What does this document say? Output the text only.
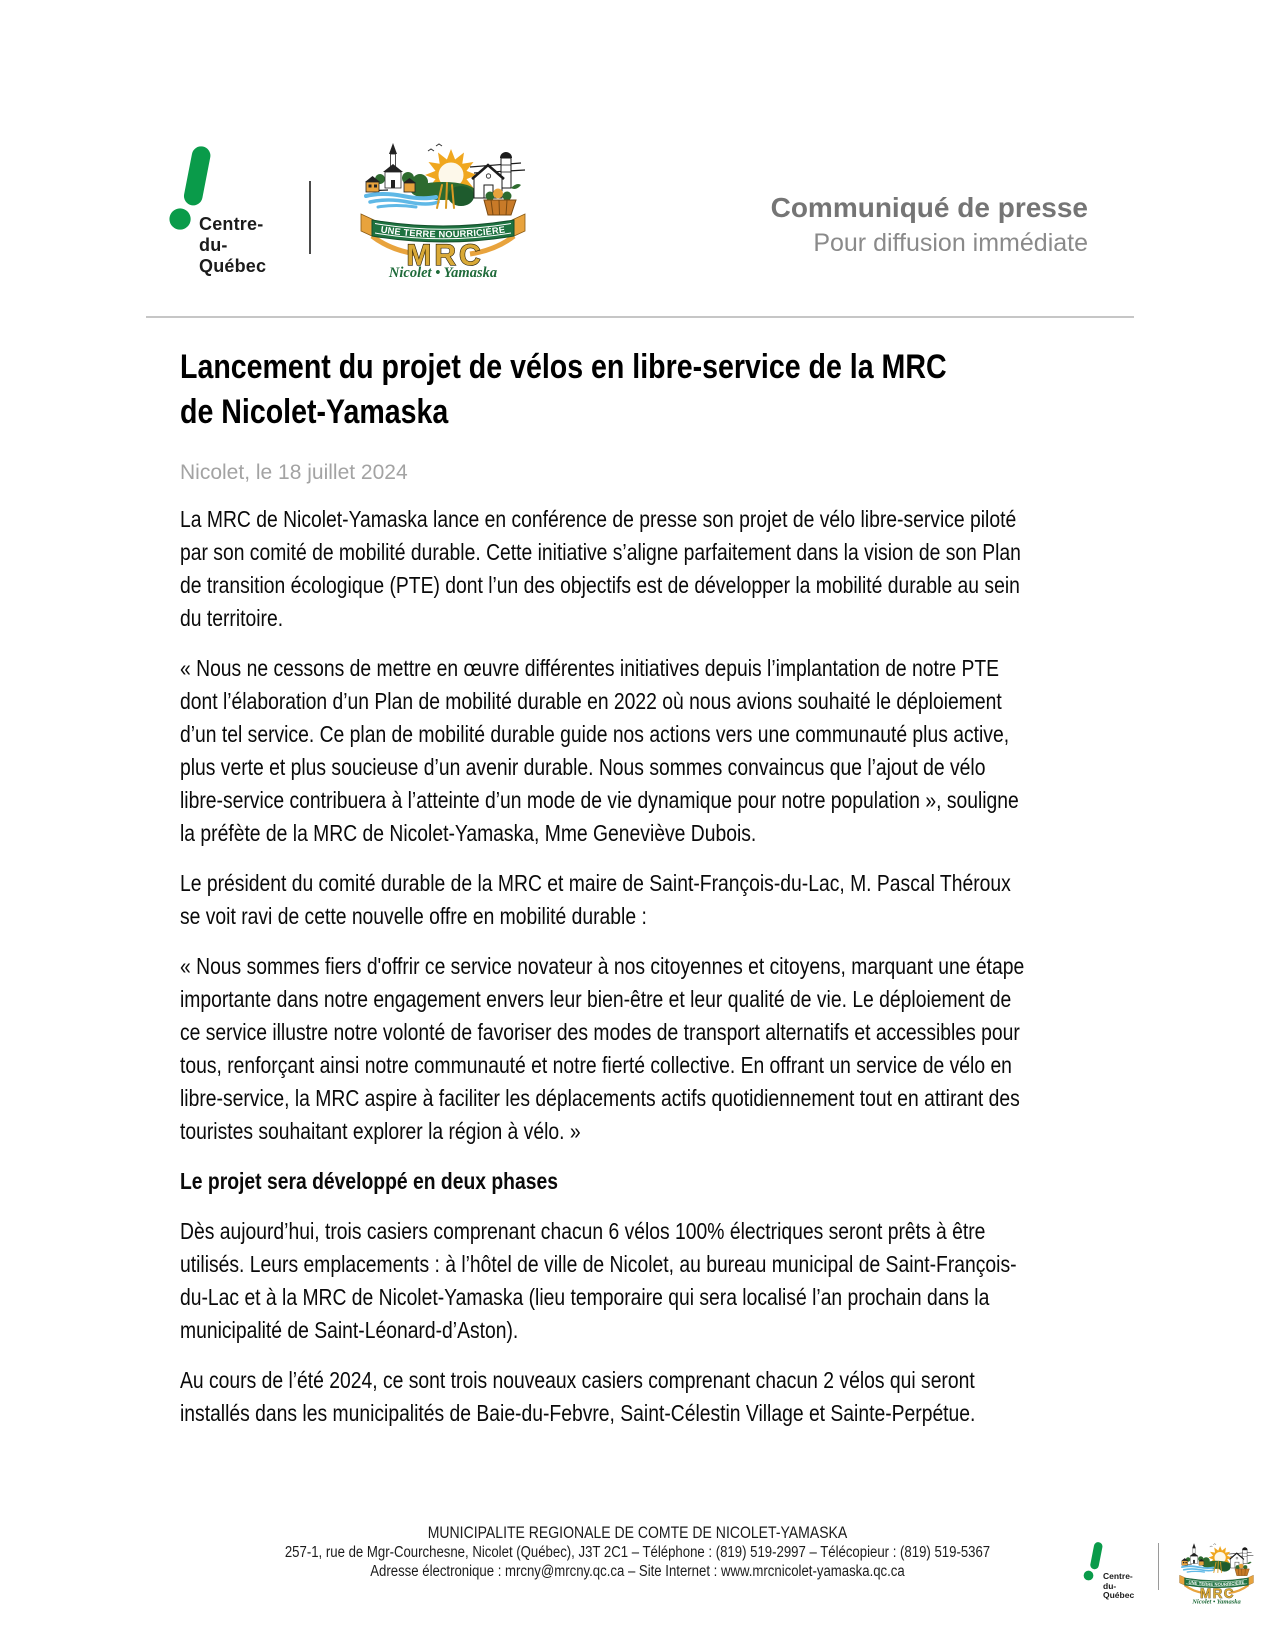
Centre-
du-
Québec
Communiqué de presse
Pour diffusion immédiate
Lancement du projet de vélos en libre-service de la MRC
de Nicolet-Yamaska
Nicolet, le 18 juillet 2024

La MRC de Nicolet-Yamaska lance en conférence de presse son projet de vélo libre-service piloté par son comité de mobilité durable. Cette initiative s’aligne parfaitement dans la vision de son Plan de transition écologique (PTE) dont l’un des objectifs est de développer la mobilité durable au sein du territoire.

« Nous ne cessons de mettre en œuvre différentes initiatives depuis l’implantation de notre PTE dont l’élaboration d’un Plan de mobilité durable en 2022 où nous avions souhaité le déploiement d’un tel service. Ce plan de mobilité durable guide nos actions vers une communauté plus active, plus verte et plus soucieuse d’un avenir durable. Nous sommes convaincus que l’ajout de vélo libre-service contribuera à l’atteinte d’un mode de vie dynamique pour notre population », souligne la préfète de la MRC de Nicolet-Yamaska, Mme Geneviève Dubois.

Le président du comité durable de la MRC et maire de Saint-François-du-Lac, M. Pascal Théroux se voit ravi de cette nouvelle offre en mobilité durable :

« Nous sommes fiers d'offrir ce service novateur à nos citoyennes et citoyens, marquant une étape importante dans notre engagement envers leur bien-être et leur qualité de vie. Le déploiement de ce service illustre notre volonté de favoriser des modes de transport alternatifs et accessibles pour tous, renforçant ainsi notre communauté et notre fierté collective. En offrant un service de vélo en libre-service, la MRC aspire à faciliter les déplacements actifs quotidiennement tout en attirant des touristes souhaitant explorer la région à vélo. »

Le projet sera développé en deux phases

Dès aujourd’hui, trois casiers comprenant chacun 6 vélos 100% électriques seront prêts à être utilisés. Leurs emplacements : à l’hôtel de ville de Nicolet, au bureau municipal de Saint-François-du-Lac et à la MRC de Nicolet-Yamaska (lieu temporaire qui sera localisé l’an prochain dans la municipalité de Saint-Léonard-d’Aston).

Au cours de l’été 2024, ce sont trois nouveaux casiers comprenant chacun 2 vélos qui seront installés dans les municipalités de Baie-du-Febvre, Saint-Célestin Village et Sainte-Perpétue.

MUNICIPALITE REGIONALE DE COMTE DE NICOLET-YAMASKA
257-1, rue de Mgr-Courchesne, Nicolet (Québec), J3T 2C1 – Téléphone : (819) 519-2997 – Télécopieur : (819) 519-5367
Adresse électronique : mrcny@mrcny.qc.ca – Site Internet : www.mrcnicolet-yamaska.qc.ca	Centre-
du-
Québec
